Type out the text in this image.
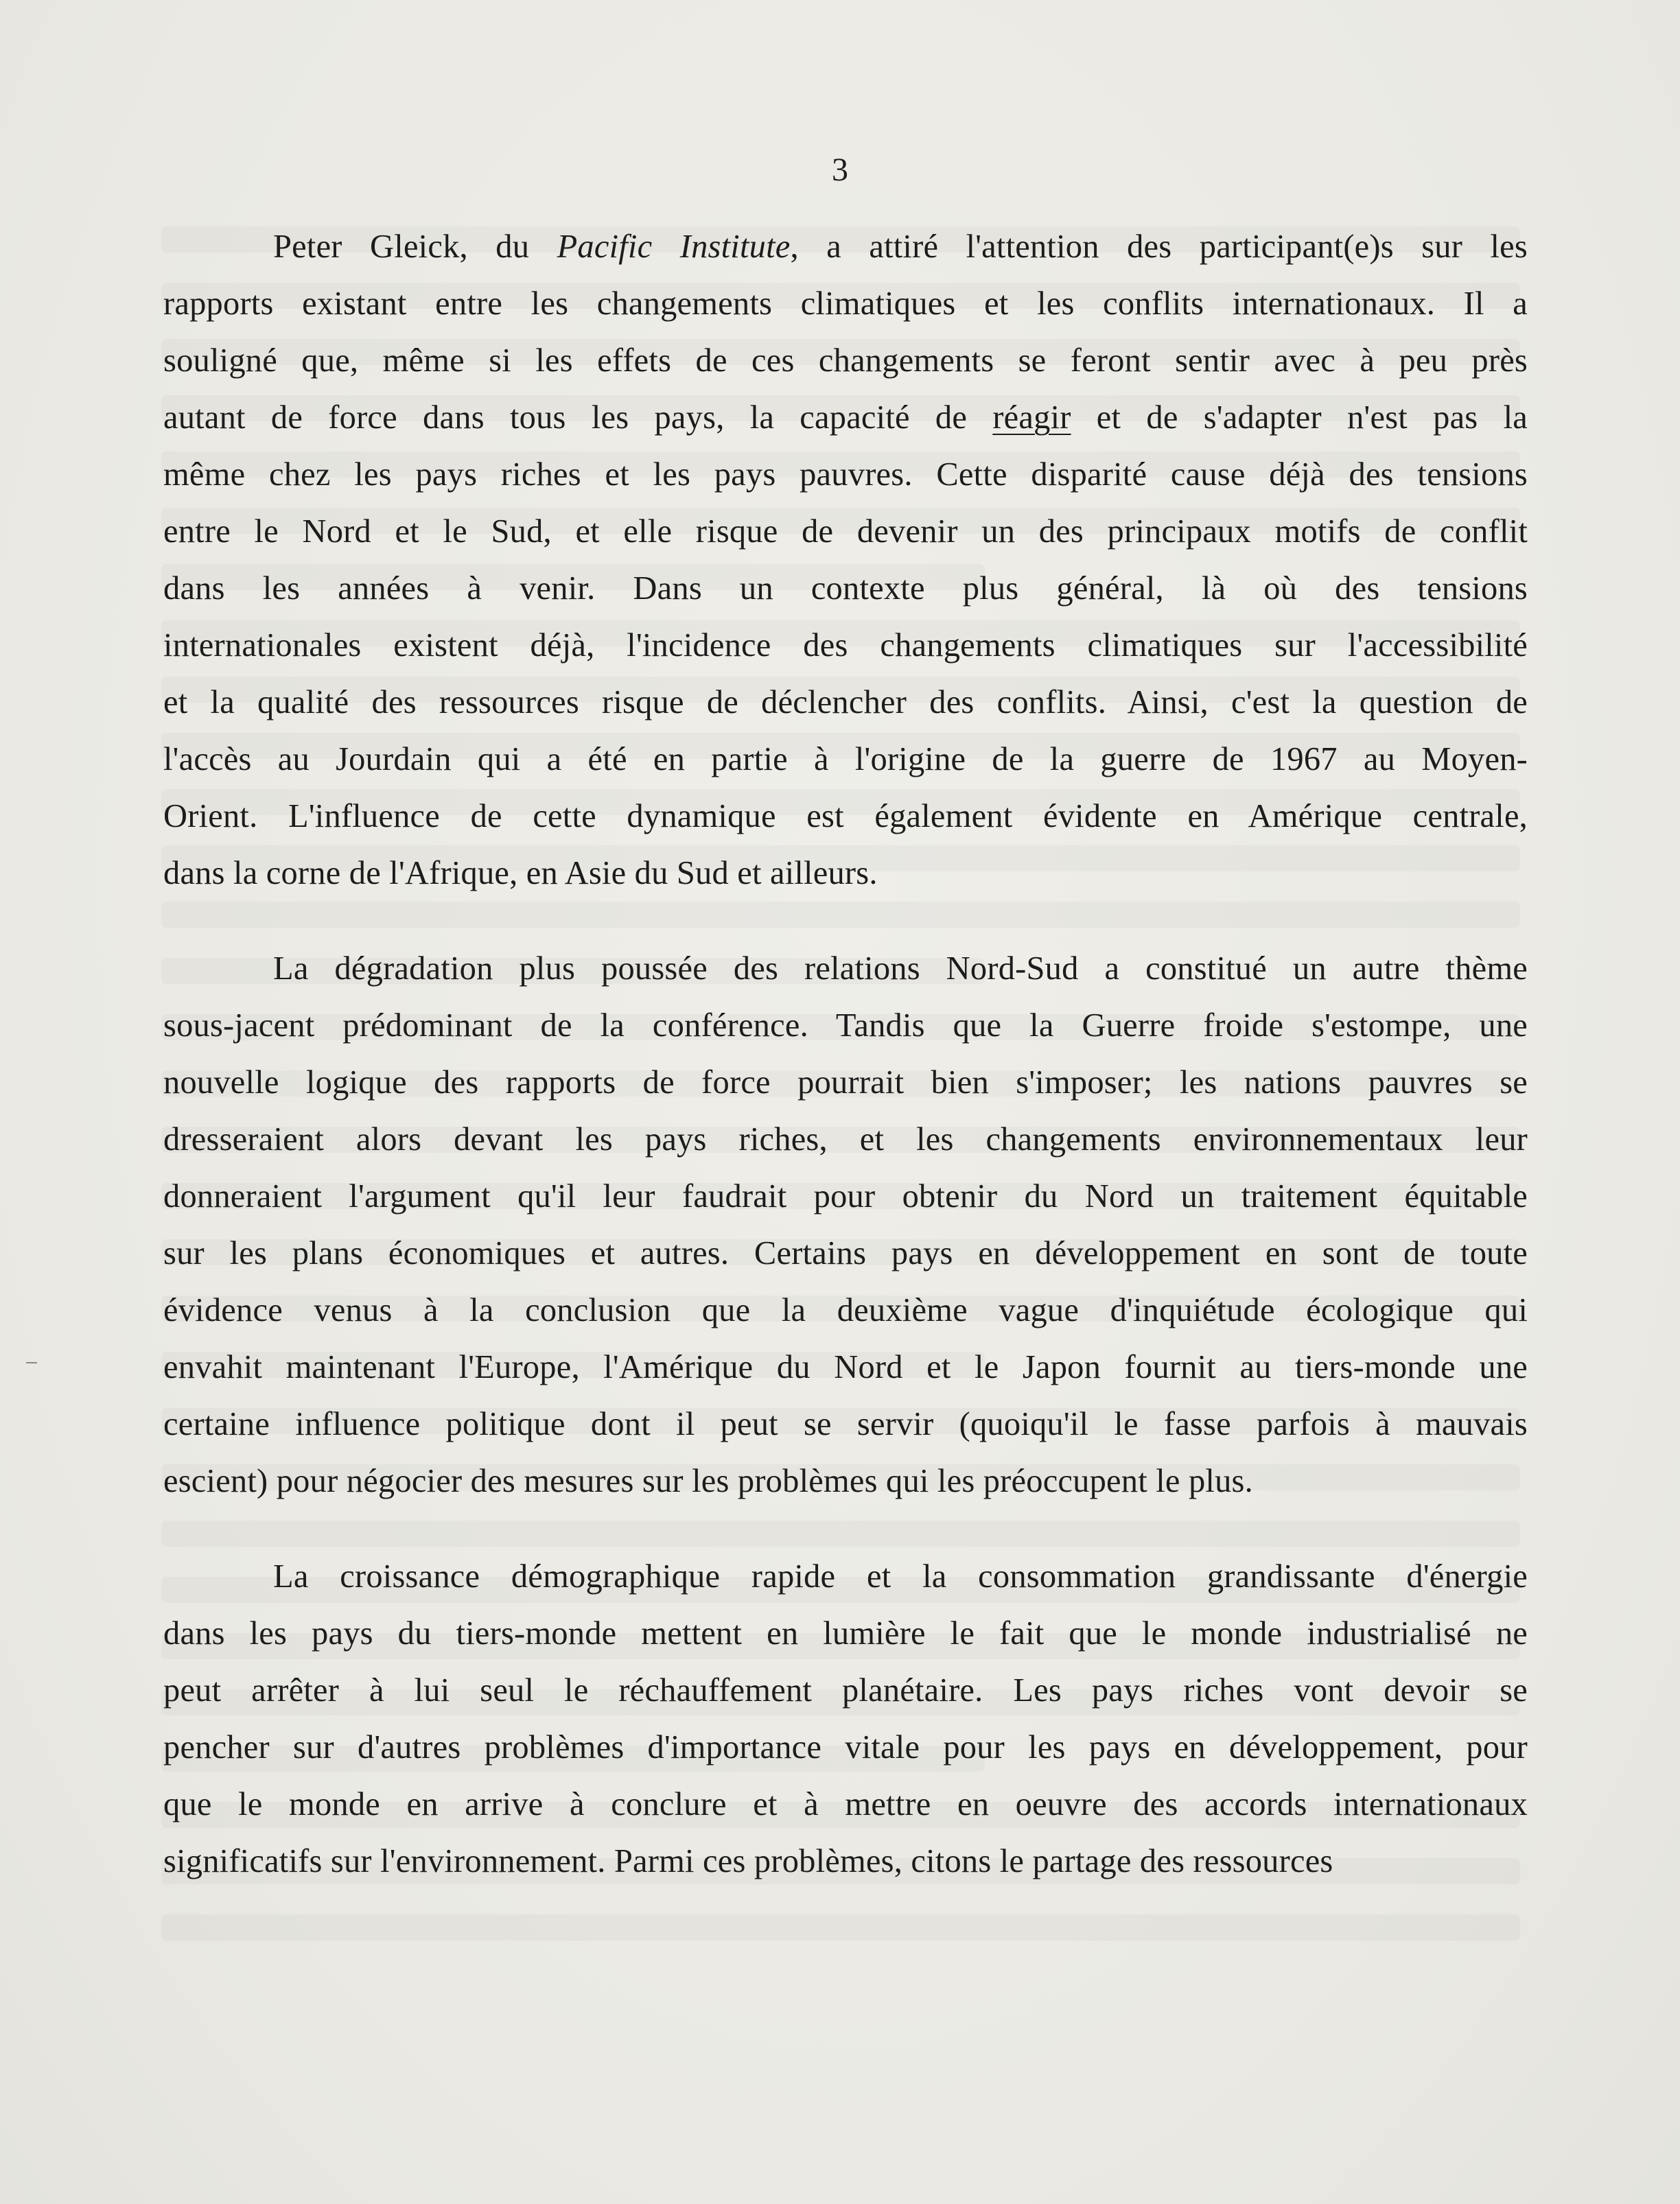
3
Peter Gleick, du Pacific Institute, a attiré l'attention des participant(e)s sur les
rapports existant entre les changements climatiques et les conflits internationaux. Il a
souligné que, même si les effets de ces changements se feront sentir avec à peu près
autant de force dans tous les pays, la capacité de réagir et de s'adapter n'est pas la
même chez les pays riches et les pays pauvres. Cette disparité cause déjà des tensions
entre le Nord et le Sud, et elle risque de devenir un des principaux motifs de conflit
dans les années à venir. Dans un contexte plus général, là où des tensions
internationales existent déjà, l'incidence des changements climatiques sur l'accessibilité
et la qualité des ressources risque de déclencher des conflits. Ainsi, c'est la question de
l'accès au Jourdain qui a été en partie à l'origine de la guerre de 1967 au Moyen-
Orient. L'influence de cette dynamique est également évidente en Amérique centrale,
dans la corne de l'Afrique, en Asie du Sud et ailleurs.
La dégradation plus poussée des relations Nord-Sud a constitué un autre thème
sous-jacent prédominant de la conférence. Tandis que la Guerre froide s'estompe, une
nouvelle logique des rapports de force pourrait bien s'imposer; les nations pauvres se
dresseraient alors devant les pays riches, et les changements environnementaux leur
donneraient l'argument qu'il leur faudrait pour obtenir du Nord un traitement équitable
sur les plans économiques et autres. Certains pays en développement en sont de toute
évidence venus à la conclusion que la deuxième vague d'inquiétude écologique qui
envahit maintenant l'Europe, l'Amérique du Nord et le Japon fournit au tiers-monde une
certaine influence politique dont il peut se servir (quoiqu'il le fasse parfois à mauvais
escient) pour négocier des mesures sur les problèmes qui les préoccupent le plus.
La croissance démographique rapide et la consommation grandissante d'énergie
dans les pays du tiers-monde mettent en lumière le fait que le monde industrialisé ne
peut arrêter à lui seul le réchauffement planétaire. Les pays riches vont devoir se
pencher sur d'autres problèmes d'importance vitale pour les pays en développement, pour
que le monde en arrive à conclure et à mettre en oeuvre des accords internationaux
significatifs sur l'environnement. Parmi ces problèmes, citons le partage des ressources
